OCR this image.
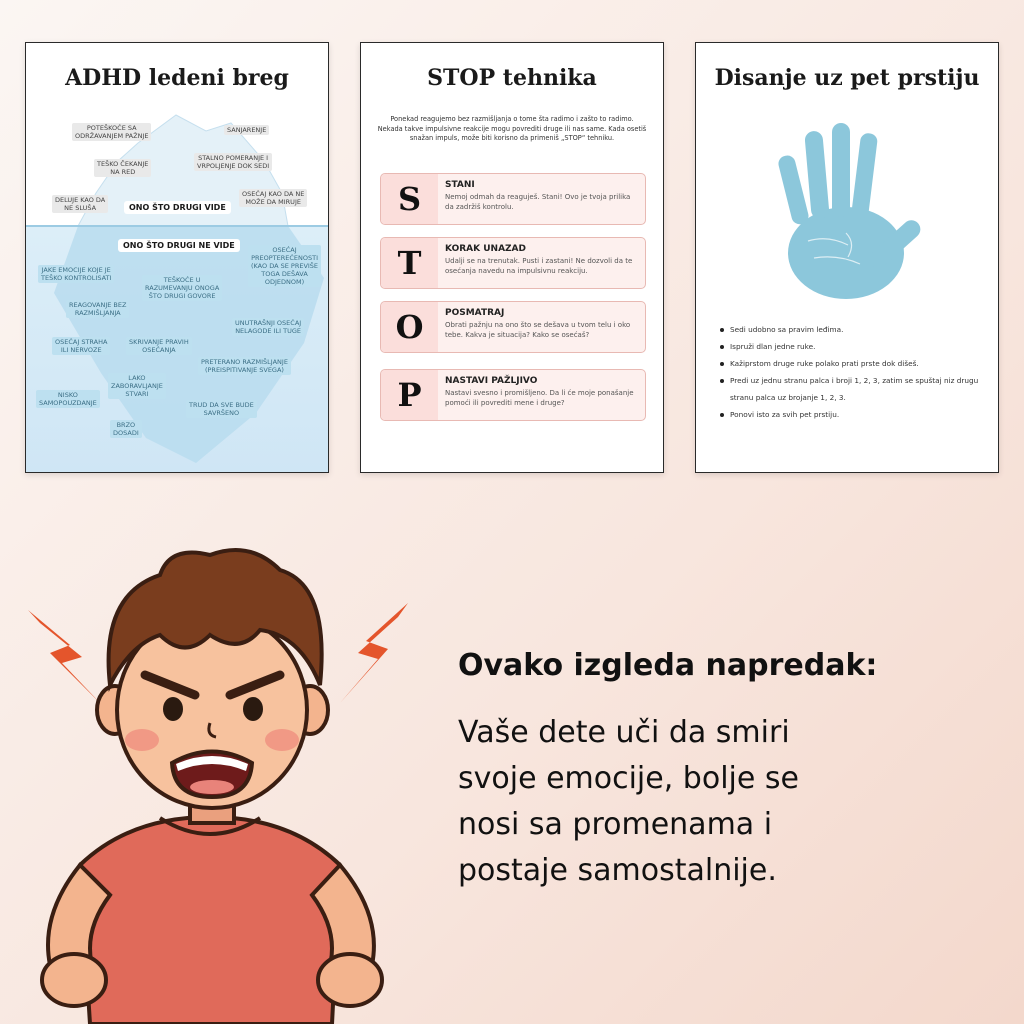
ADHD ledeni breg
POTEŠKOĆE SA
ODRŽAVANJEM PAŽNJE
SANJARENJE
TEŠKO ČEKANJE
NA RED
STALNO POMERANJE I
VRPOLJENJE DOK SEDI
DELUJE KAO DA
NE SLUŠA
OSEĆAJ KAO DA NE
MOŽE DA MIRUJE
ONO ŠTO DRUGI VIDE
ONO ŠTO DRUGI NE VIDE
JAKE EMOCIJE KOJE JE
TEŠKO KONTROLISATI
OSEĆAJ
PREOPTEREĆENOSTI
(KAO DA SE PREVIŠE
TOGA DEŠAVA
ODJEDNOM)
TEŠKOĆE U
RAZUMEVANJU ONOGA
ŠTO DRUGI GOVORE
REAGOVANJE BEZ
RAZMIŠLJANJA
UNUTRAŠNJI OSEĆAJ
NELAGODE ILI TUGE
OSEĆAJ STRAHA
ILI NERVOZE
SKRIVANJE PRAVIH
OSEĆANJA
PRETERANO RAZMIŠLJANJE
(PREISPITIVANJE SVEGA)
NISKO
SAMOPOUZDANJE
LAKO
ZABORAVLJANJE
STVARI
TRUD DA SVE BUDE
SAVRŠENO
BRZO
DOSADI
STOP tehnika
Ponekad reagujemo bez razmišljanja o tome šta radimo i zašto to radimo. Nekada takve impulsivne reakcije mogu povrediti druge ili nas same. Kada osetiš snažan impuls, može biti korisno da primeniš „STOP“ tehniku.
S	STANI
Nemoj odmah da reaguješ. Stani! Ovo je tvoja prilika da zadržiš kontrolu.
T	KORAK UNAZAD
Udalji se na trenutak. Pusti i zastani! Ne dozvoli da te osećanja navedu na impulsivnu reakciju.
O	POSMATRAJ
Obrati pažnju na ono što se dešava u tvom telu i oko tebe. Kakva je situacija? Kako se osećaš?
P	NASTAVI PAŽLJIVO
Nastavi svesno i promišljeno. Da li će moje ponašanje pomoći ili povrediti mene i druge?
Disanje uz pet prstiju
Sedi udobno sa pravim leđima.
Ispruži dlan jedne ruke.
Kažiprstom druge ruke polako prati prste dok dišeš.
Predi uz jednu stranu palca i broji 1, 2, 3, zatim se spuštaj niz drugu stranu palca uz brojanje 1, 2, 3.
Ponovi isto za svih pet prstiju.
Ovako izgleda napredak:
Vaše dete uči da smiri
svoje emocije, bolje se
nosi sa promenama i
postaje samostalnije.
